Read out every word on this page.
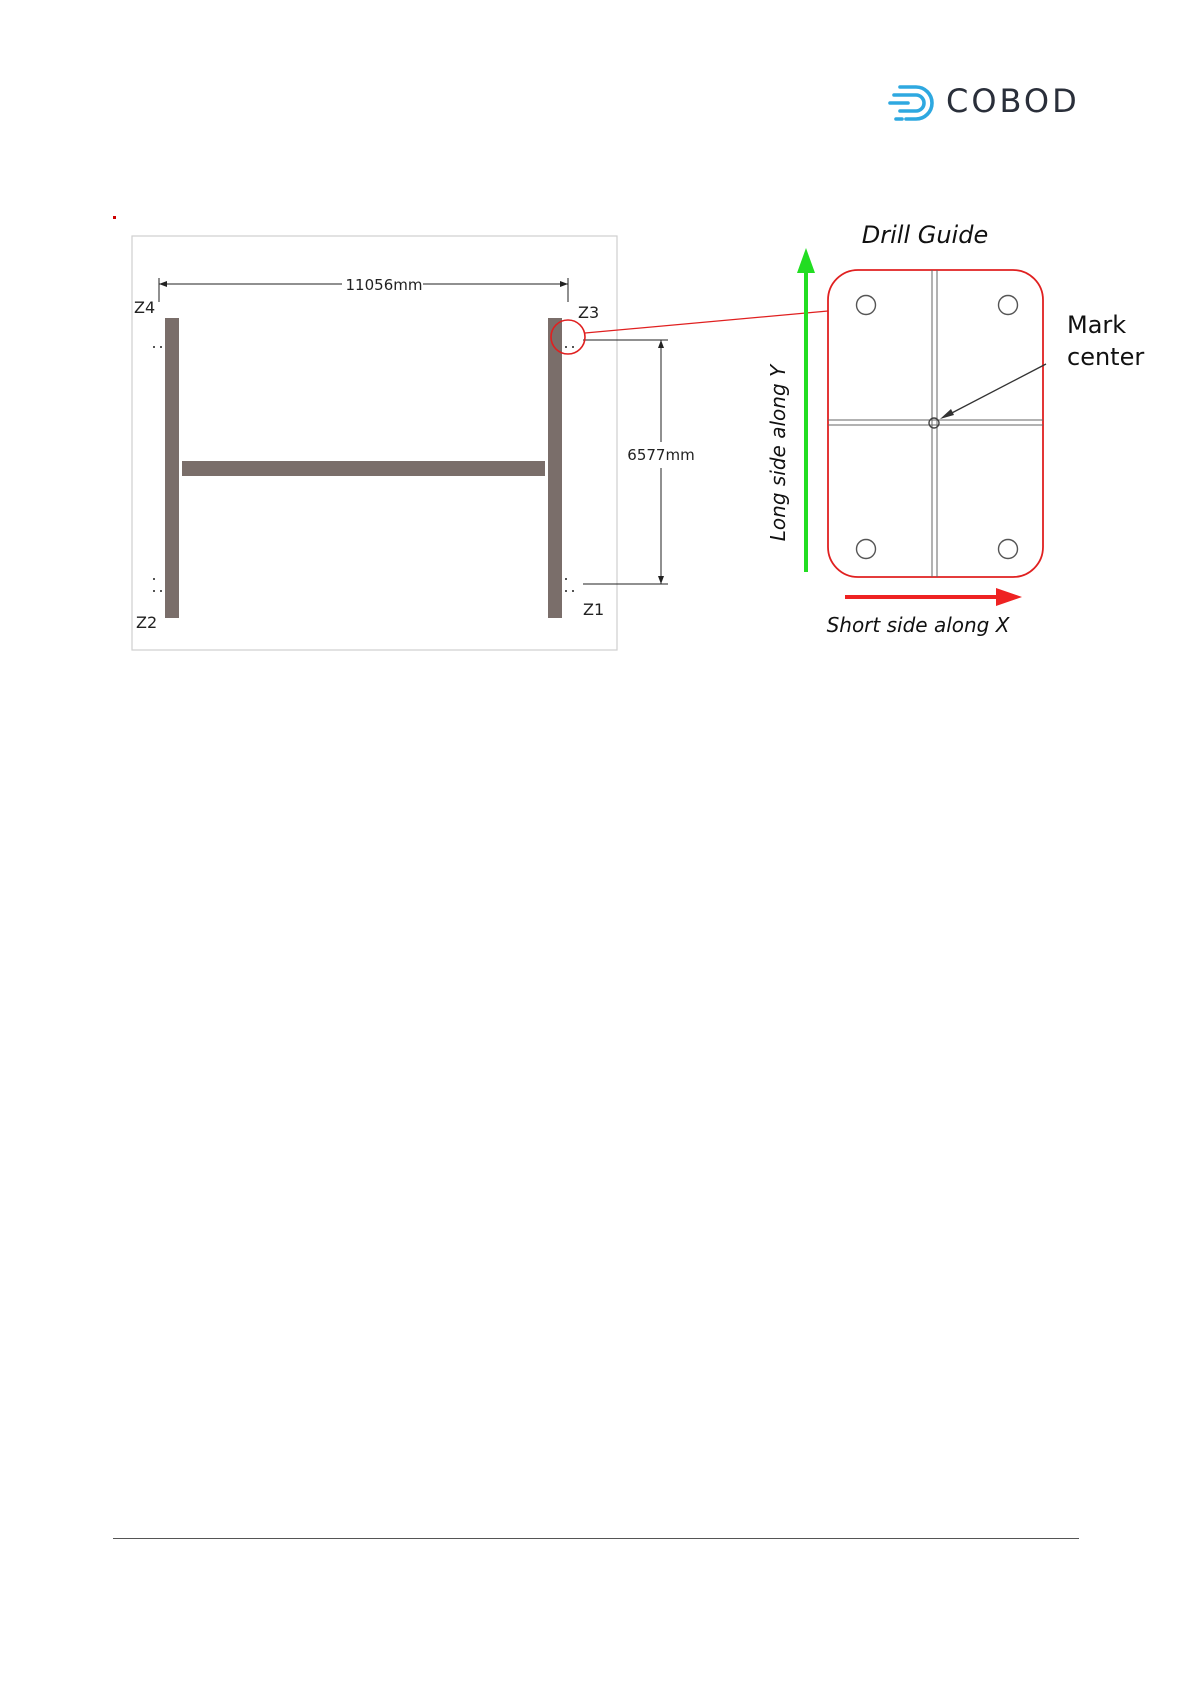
COBOD
11056mm
6577mm
Z4	Z3
Z2
Z1
Drill Guide
Mark
center
Long side along Y
Short side along X
